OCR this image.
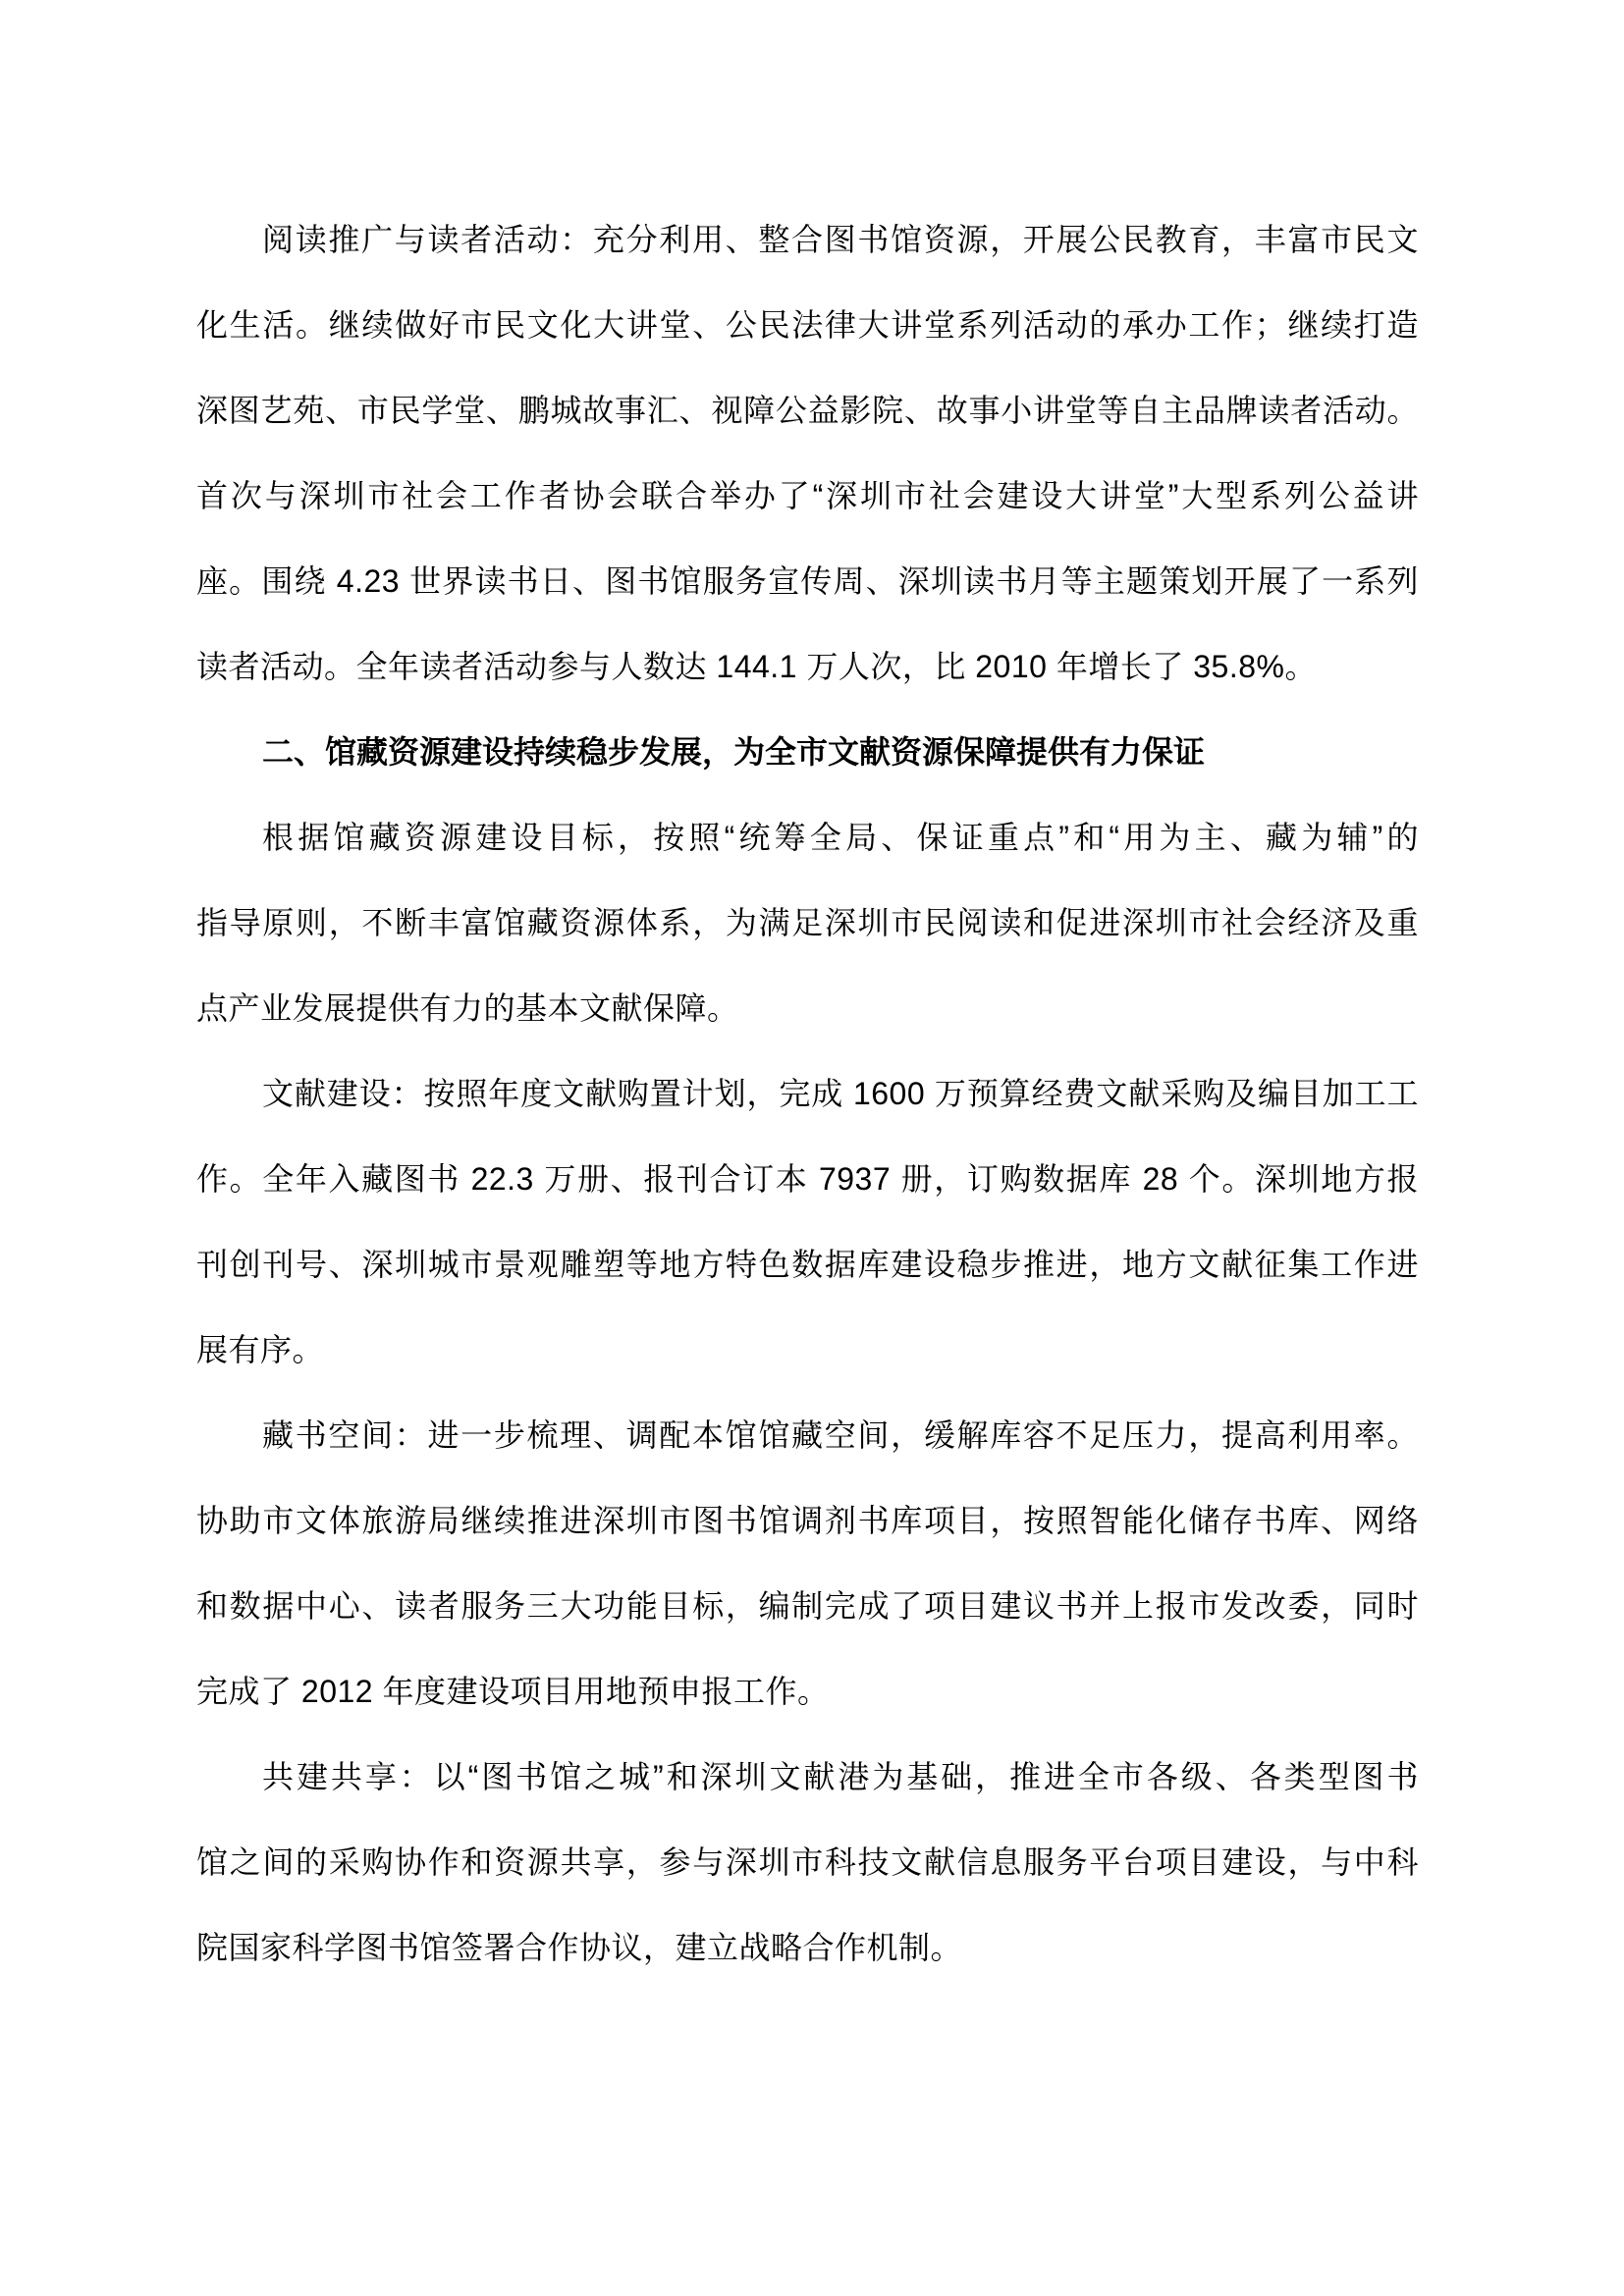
阅读推广与读者活动：充分利用、整合图书馆资源，开展公民教育，丰富市民文
化生活。继续做好市民文化大讲堂、公民法律大讲堂系列活动的承办工作；继续打造
深图艺苑、市民学堂、鹏城故事汇、视障公益影院、故事小讲堂等自主品牌读者活动。
首次与深圳市社会工作者协会联合举办了“深圳市社会建设大讲堂”大型系列公益讲
座。围绕 4.23 世界读书日、图书馆服务宣传周、深圳读书月等主题策划开展了一系列
读者活动。全年读者活动参与人数达 144.1 万人次，比 2010 年增长了 35.8%。
二、馆藏资源建设持续稳步发展，为全市文献资源保障提供有力保证
根据馆藏资源建设目标，按照“统筹全局、保证重点”和“用为主、藏为辅”的
指导原则，不断丰富馆藏资源体系，为满足深圳市民阅读和促进深圳市社会经济及重
点产业发展提供有力的基本文献保障。
文献建设：按照年度文献购置计划，完成 1600 万预算经费文献采购及编目加工工
作。全年入藏图书 22.3 万册、报刊合订本 7937 册，订购数据库 28 个。深圳地方报
刊创刊号、深圳城市景观雕塑等地方特色数据库建设稳步推进，地方文献征集工作进
展有序。
藏书空间：进一步梳理、调配本馆馆藏空间，缓解库容不足压力，提高利用率。
协助市文体旅游局继续推进深圳市图书馆调剂书库项目，按照智能化储存书库、网络
和数据中心、读者服务三大功能目标，编制完成了项目建议书并上报市发改委，同时
完成了 2012 年度建设项目用地预申报工作。
共建共享：以“图书馆之城”和深圳文献港为基础，推进全市各级、各类型图书
馆之间的采购协作和资源共享，参与深圳市科技文献信息服务平台项目建设，与中科
院国家科学图书馆签署合作协议，建立战略合作机制。
